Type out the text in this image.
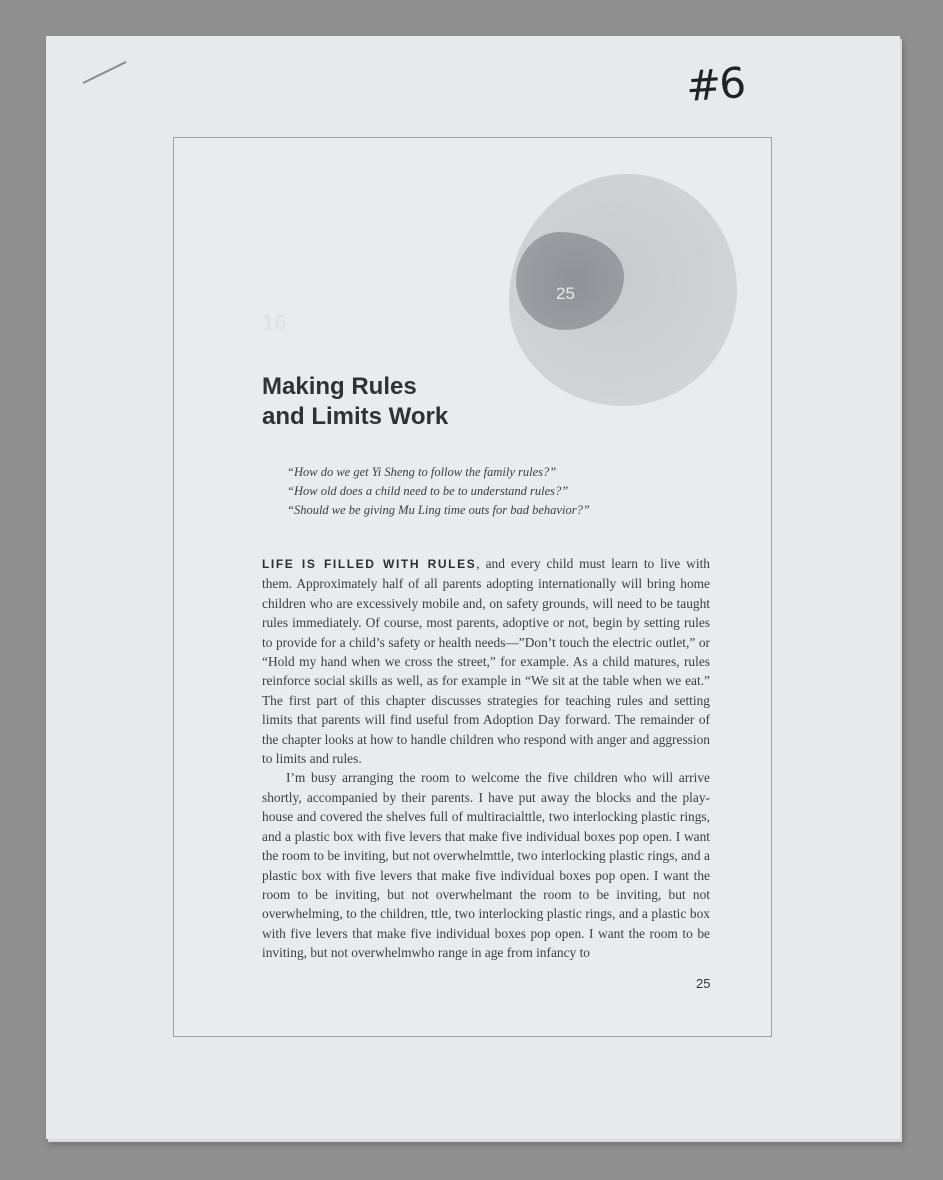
#6
25
Making Rules
and Limits Work
“How do we get Yi Sheng to follow the family rules?”
“How old does a child need to be to understand rules?”
“Should we be giving Mu Ling time outs for bad behavior?”

LIFE IS FILLED WITH RULES, and every child must learn to live with them. Approximately half of all parents adopting internationally will bring home children who are excessively mobile and, on safety grounds, will need to be taught rules immediately. Of course, most parents, adoptive or not, begin by setting rules to provide for a child’s safety or health needs—”Don’t touch the electric outlet,” or “Hold my hand when we cross the street,” for example. As a child matures, rules reinforce social skills as well, as for example in “We sit at the table when we eat.” The first part of this chapter discusses strategies for teaching rules and setting limits that parents will find useful from Adoption Day forward. The remainder of the chapter looks at how to handle children who respond with anger and aggression to limits and rules.

I’m busy arranging the room to welcome the five children who will arrive shortly, accompanied by their parents. I have put away the blocks and the play-house and covered the shelves full of multiracialttle, two interlocking plastic rings, and a plastic box with five levers that make five individual boxes pop open. I want the room to be inviting, but not overwhelmttle, two interlocking plastic rings, and a plastic box with five levers that make five individual boxes pop open. I want the room to be inviting, but not overwhelmant the room to be inviting, but not overwhelming, to the children, ttle, two interlocking plastic rings, and a plastic box with five levers that make five individual boxes pop open. I want the room to be inviting, but not overwhelmwho range in age from infancy to

25
